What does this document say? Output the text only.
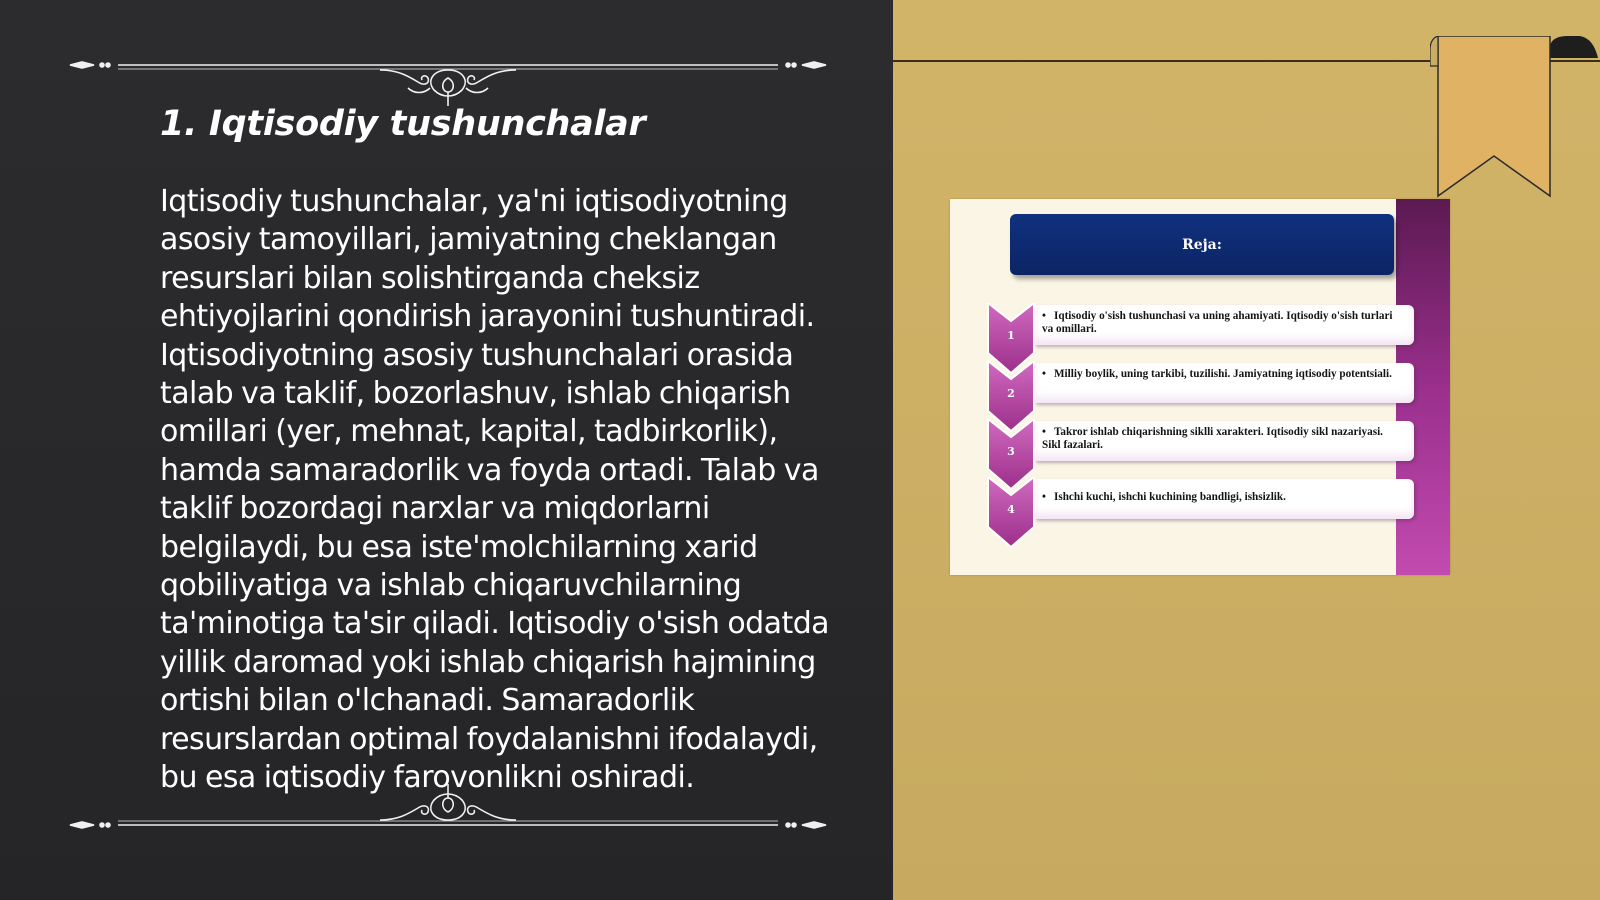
1. Iqtisodiy tushunchalar

Iqtisodiy tushunchalar, ya'ni iqtisodiyotning asosiy tamoyillari, jamiyatning cheklangan resurslari bilan solishtirganda cheksiz ehtiyojlarini qondirish jarayonini tushuntiradi. Iqtisodiyotning asosiy tushunchalari orasida talab va taklif, bozorlashuv, ishlab chiqarish omillari (yer, mehnat, kapital, tadbirkorlik), hamda samaradorlik va foyda ortadi. Talab va taklif bozordagi narxlar va miqdorlarni belgilaydi, bu esa iste'molchilarning xarid qobiliyatiga va ishlab chiqaruvchilarning ta'minotiga ta'sir qiladi. Iqtisodiy o'sish odatda yillik daromad yoki ishlab chiqarish hajmining ortishi bilan o'lchanadi. Samaradorlik resurslardan optimal foydalanishni ifodalaydi, bu esa iqtisodiy farovonlikni oshiradi.

Reja:
1
• Iqtisodiy o'sish tushunchasi va uning ahamiyati. Iqtisodiy o'sish turlari va omillari.
2
• Milliy boylik, uning tarkibi, tuzilishi. Jamiyatning iqtisodiy potentsiali.
3
• Takror ishlab chiqarishning siklli xarakteri. Iqtisodiy sikl nazariyasi. Sikl fazalari.
4
• Ishchi kuchi, ishchi kuchining bandligi, ishsizlik.
